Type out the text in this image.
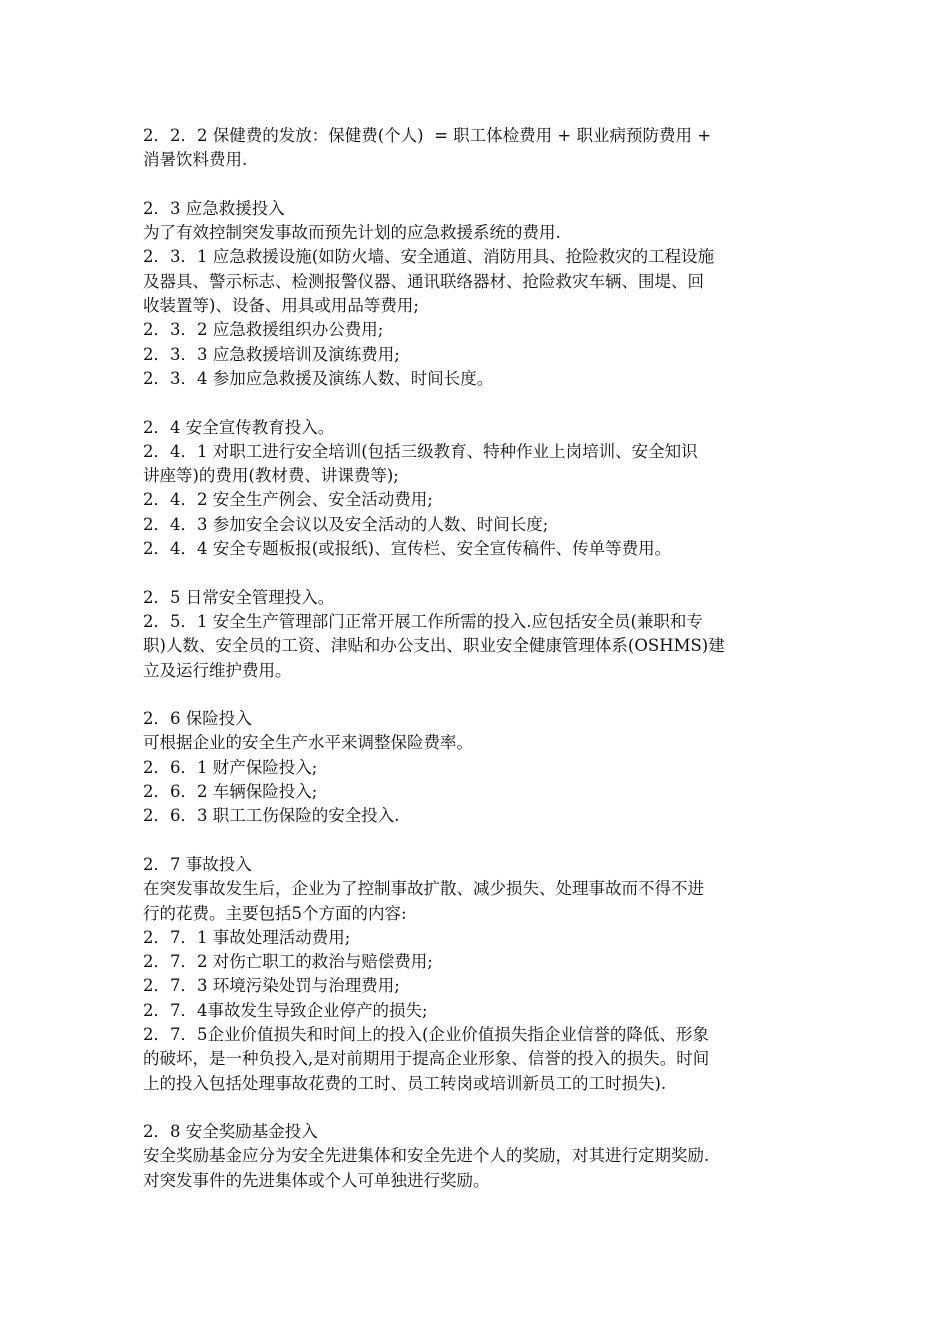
2．2．2 保健费的发放：保健费(个人)  = 职工体检费用 + 职业病预防费用 +
消暑饮料费用.
2．3 应急救援投入
为了有效控制突发事故而预先计划的应急救援系统的费用.
2．3．1 应急救援设施(如防火墙、安全通道、消防用具、抢险救灾的工程设施
及器具、警示标志、检测报警仪器、通讯联络器材、抢险救灾车辆、围堤、回
收装置等)、设备、用具或用品等费用;
2．3．2 应急救援组织办公费用;
2．3．3 应急救援培训及演练费用;
2．3．4 参加应急救援及演练人数、时间长度。
2．4 安全宣传教育投入。
2．4．1 对职工进行安全培训(包括三级教育、特种作业上岗培训、安全知识
讲座等)的费用(教材费、讲课费等);
2．4．2 安全生产例会、安全活动费用;
2．4．3 参加安全会议以及安全活动的人数、时间长度;
2．4．4 安全专题板报(或报纸)、宣传栏、安全宣传稿件、传单等费用。
2．5 日常安全管理投入。
2．5．1 安全生产管理部门正常开展工作所需的投入.应包括安全员(兼职和专
职)人数、安全员的工资、津贴和办公支出、职业安全健康管理体系(OSHMS)建
立及运行维护费用。
2．6 保险投入
可根据企业的安全生产水平来调整保险费率。
2．6．1 财产保险投入;
2．6．2 车辆保险投入;
2．6．3 职工工伤保险的安全投入.
2．7 事故投入
在突发事故发生后，企业为了控制事故扩散、减少损失、处理事故而不得不进
行的花费。主要包括5个方面的内容:
2．7．1 事故处理活动费用;
2．7．2 对伤亡职工的救治与赔偿费用;
2．7．3 环境污染处罚与治理费用;
2．7．4事故发生导致企业停产的损失;
2．7．5企业价值损失和时间上的投入(企业价值损失指企业信誉的降低、形象
的破坏，是一种负投入,是对前期用于提高企业形象、信誉的投入的损失。时间
上的投入包括处理事故花费的工时、员工转岗或培训新员工的工时损失).
2．8 安全奖励基金投入
安全奖励基金应分为安全先进集体和安全先进个人的奖励，对其进行定期奖励.
对突发事件的先进集体或个人可单独进行奖励。
